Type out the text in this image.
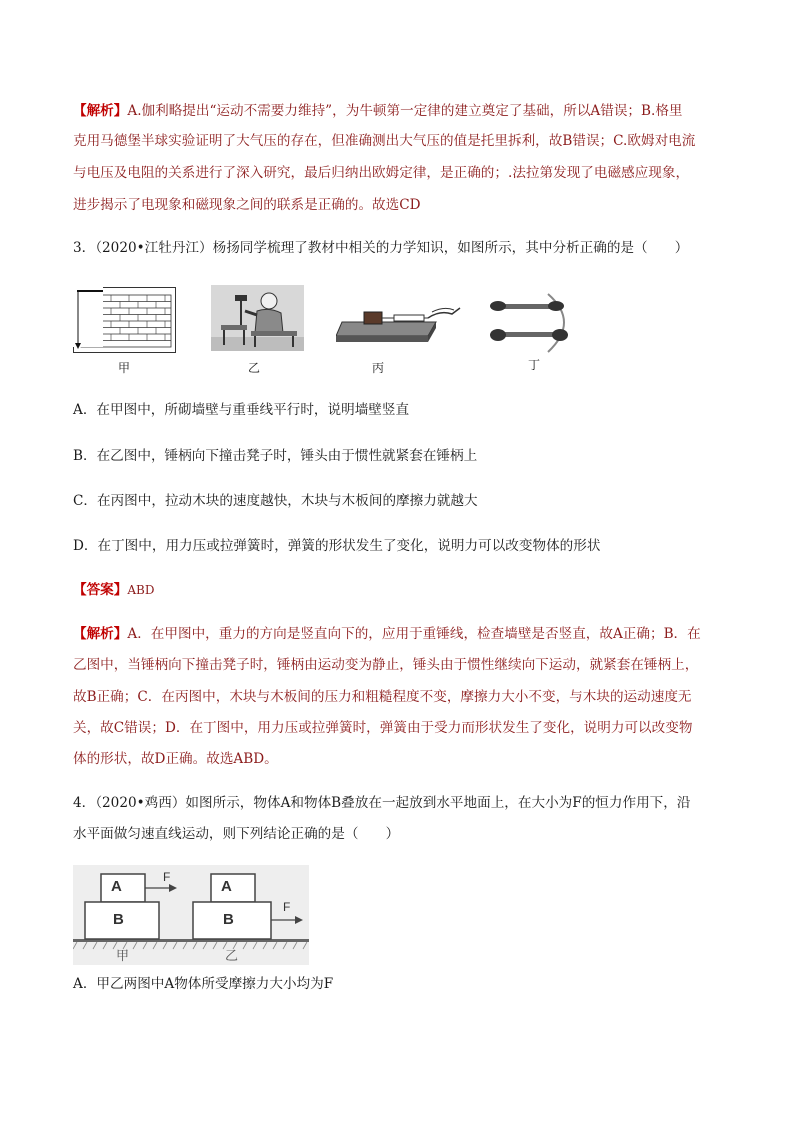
【解析】A.伽利略提出“运动不需要力维持”，为牛顿第一定律的建立奠定了基础，所以A错误；B.格里
克用马德堡半球实验证明了大气压的存在，但准确测出大气压的值是托里拆利，故B错误；C.欧姆对电流
与电压及电阻的关系进行了深入研究，最后归纳出欧姆定律，是正确的；.法拉第发现了电磁感应现象，
进步揭示了电现象和磁现象之间的联系是正确的。故选CD
3．（2020•江牡丹江）杨扬同学梳理了教材中相关的力学知识，如图所示，其中分析正确的是（　　）
甲	乙	丙	丁
A．在甲图中，所砌墙壁与重垂线平行时，说明墙壁竖直
B．在乙图中，锤柄向下撞击凳子时，锤头由于惯性就紧套在锤柄上
C．在丙图中，拉动木块的速度越快，木块与木板间的摩擦力就越大
D．在丁图中，用力压或拉弹簧时，弹簧的形状发生了变化，说明力可以改变物体的形状
【答案】ABD
【解析】A．在甲图中，重力的方向是竖直向下的，应用于重锤线，检查墙壁是否竖直，故A正确；B．在
乙图中，当锤柄向下撞击凳子时，锤柄由运动变为静止，锤头由于惯性继续向下运动，就紧套在锤柄上，
故B正确；C．在丙图中，木块与木板间的压力和粗糙程度不变，摩擦力大小不变，与木块的运动速度无
关，故C错误；D．在丁图中，用力压或拉弹簧时，弹簧由于受力而形状发生了变化，说明力可以改变物
体的形状，故D正确。故选ABD。
4．（2020•鸡西）如图所示，物体A和物体B叠放在一起放到水平地面上，在大小为F的恒力作用下，沿
水平面做匀速直线运动，则下列结论正确的是（　　）
A
B
F
A
B
F
甲	乙
A．甲乙两图中A物体所受摩擦力大小均为F
